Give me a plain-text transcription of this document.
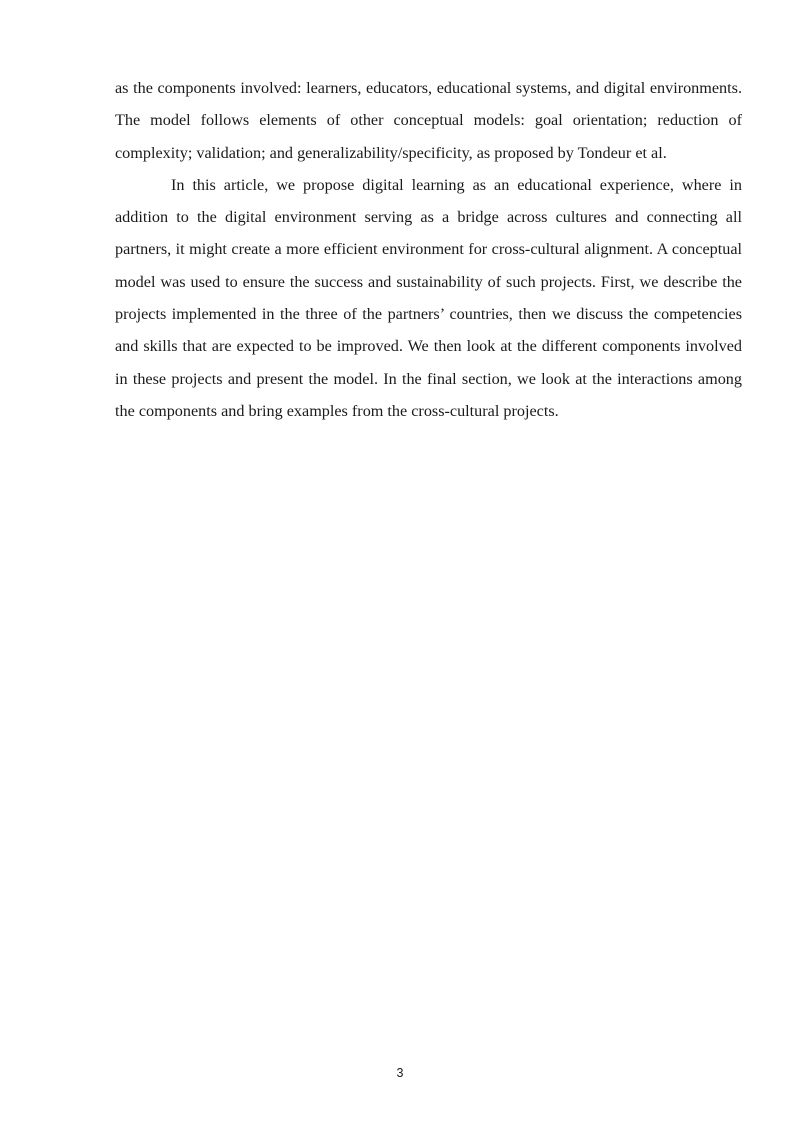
as the components involved: learners, educators, educational systems, and digital environments. The model follows elements of other conceptual models: goal orientation; reduction of complexity; validation; and generalizability/specificity, as proposed by Tondeur et al.

In this article, we propose digital learning as an educational experience, where in addition to the digital environment serving as a bridge across cultures and connecting all partners, it might create a more efficient environment for cross-cultural alignment. A conceptual model was used to ensure the success and sustainability of such projects. First, we describe the projects implemented in the three of the partners’ countries, then we discuss the competencies and skills that are expected to be improved. We then look at the different components involved in these projects and present the model. In the final section, we look at the interactions among the components and bring examples from the cross-cultural projects.

3
